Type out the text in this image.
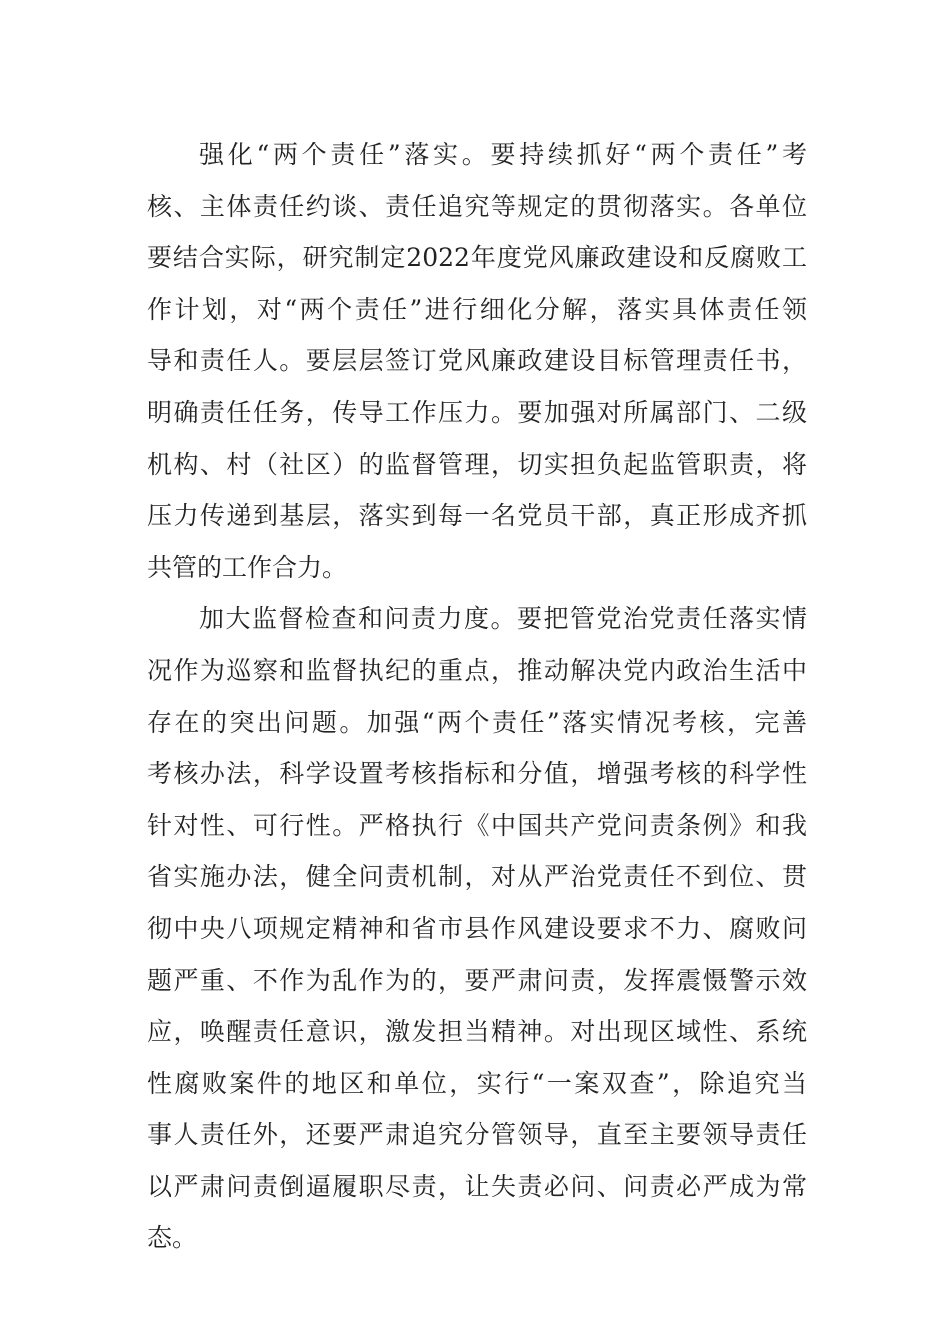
强化“两个责任”落实。要持续抓好“两个责任”考
核、主体责任约谈、责任追究等规定的贯彻落实。各单位
要结合实际，研究制定2022年度党风廉政建设和反腐败工
作计划，对“两个责任”进行细化分解，落实具体责任领
导和责任人。要层层签订党风廉政建设目标管理责任书，
明确责任任务，传导工作压力。要加强对所属部门、二级
机构、村（社区）的监督管理，切实担负起监管职责，将
压力传递到基层，落实到每一名党员干部，真正形成齐抓
共管的工作合力。
加大监督检查和问责力度。要把管党治党责任落实情
况作为巡察和监督执纪的重点，推动解决党内政治生活中
存在的突出问题。加强“两个责任”落实情况考核，完善
考核办法，科学设置考核指标和分值，增强考核的科学性
针对性、可行性。严格执行《中国共产党问责条例》和我
省实施办法，健全问责机制，对从严治党责任不到位、贯
彻中央八项规定精神和省市县作风建设要求不力、腐败问
题严重、不作为乱作为的，要严肃问责，发挥震慑警示效
应，唤醒责任意识，激发担当精神。对出现区域性、系统
性腐败案件的地区和单位，实行“一案双查”，除追究当
事人责任外，还要严肃追究分管领导，直至主要领导责任
以严肃问责倒逼履职尽责，让失责必问、问责必严成为常
态。
